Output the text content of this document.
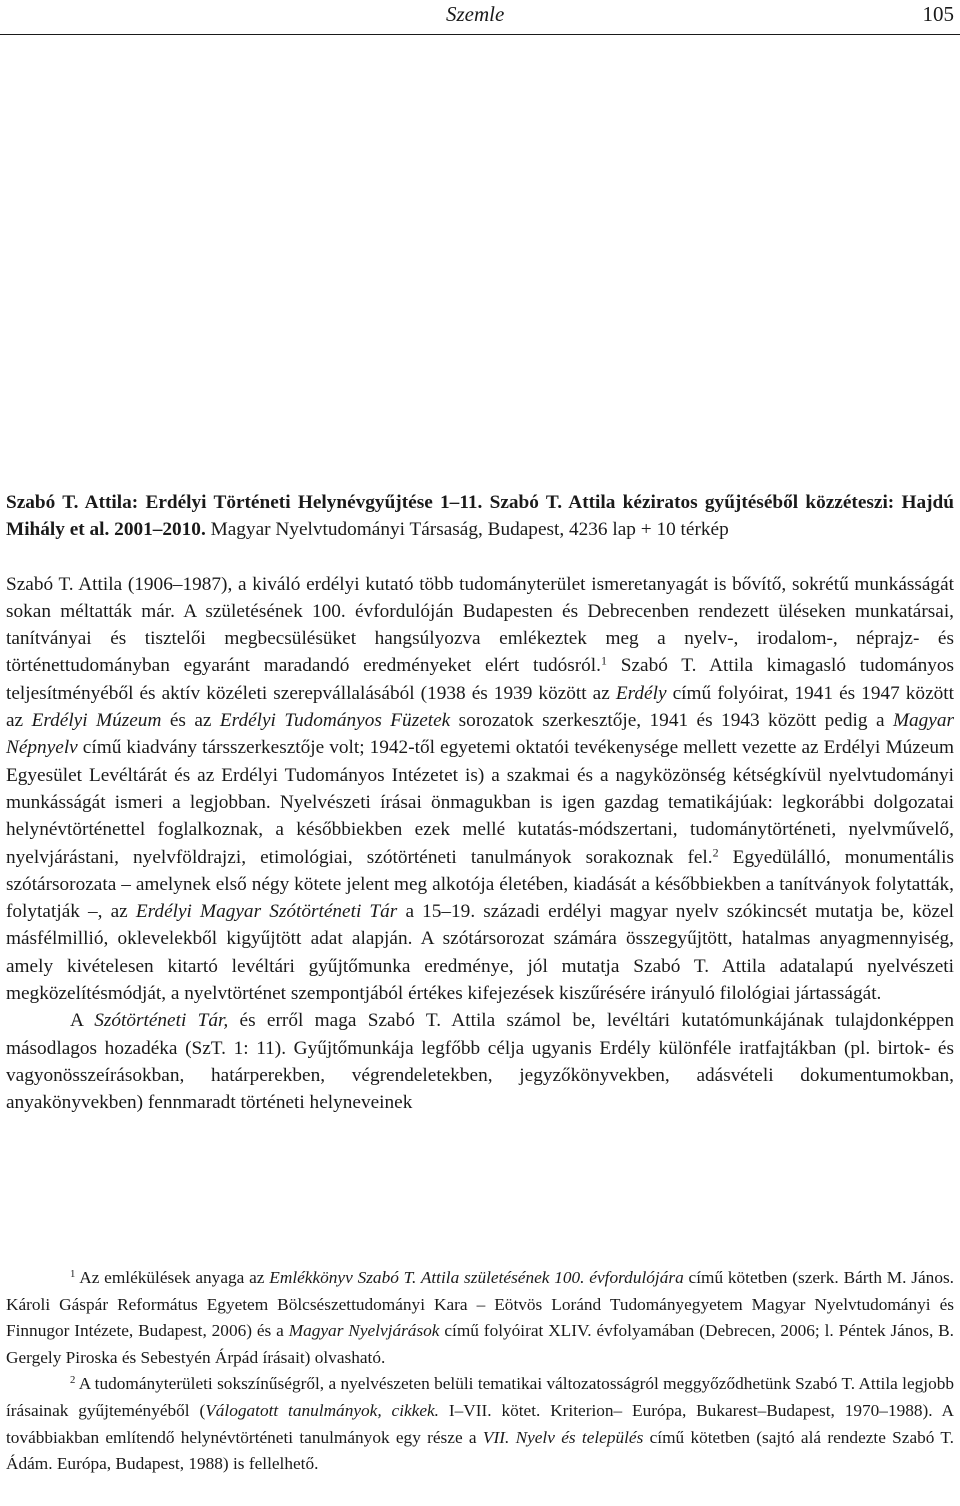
Szemle	105

Szabó T. Attila: Erdélyi Történeti Helynévgyűjtése 1–11. Szabó T. Attila kéziratos gyűjtéséből közzéteszi: Hajdú Mihály et al. 2001–2010. Magyar Nyelvtudományi Társaság, Budapest, 4236 lap + 10 térkép

Szabó T. Attila (1906–1987), a kiváló erdélyi kutató több tudományterület ismeretanyagát is bővítő, sokrétű munkásságát sokan méltatták már. A születésének 100. évfordulóján Budapesten és Debrecenben rendezett üléseken munkatársai, tanítványai és tisztelői megbecsülésüket hangsúlyozva emlékeztek meg a nyelv-, irodalom-, néprajz- és történettudományban egyaránt maradandó eredményeket elért tudósról.$^1$ Szabó T. Attila kimagasló tudományos teljesítményéből és aktív közéleti szerepvállalásából (1938 és 1939 között az Erdély című folyóirat, 1941 és 1947 között az Erdélyi Múzeum és az Erdélyi Tudományos Füzetek sorozatok szerkesztője, 1941 és 1943 között pedig a Magyar Népnyelv című kiadvány társszerkesztője volt; 1942-től egyetemi oktatói tevékenysége mellett vezette az Erdélyi Múzeum Egyesület Levéltárát és az Erdélyi Tudományos Intézetet is) a szakmai és a nagyközönség kétségkívül nyelvtudományi munkásságát ismeri a legjobban. Nyelvészeti írásai önmagukban is igen gazdag tematikájúak: legkorábbi dolgozatai helynévtörténettel foglalkoznak, a későbbiekben ezek mellé kutatás-módszertani, tudománytörténeti, nyelvművelő, nyelvjárástani, nyelvföldrajzi, etimológiai, szótörténeti tanulmányok sorakoznak fel.$^2$ Egyedülálló, monumentális szótársorozata – amelynek első négy kötete jelent meg alkotója életében, kiadását a későbbiekben a tanítványok folytatták, folytatják –, az Erdélyi Magyar Szótörténeti Tár a 15–19. századi erdélyi magyar nyelv szókincsét mutatja be, közel másfélmillió, oklevelekből kigyűjtött adat alapján. A szótársorozat számára összegyűjtött, hatalmas anyagmennyiség, amely kivételesen kitartó levéltári gyűjtőmunka eredménye, jól mutatja Szabó T. Attila adatalapú nyelvészeti megközelítésmódját, a nyelvtörténet szempontjából értékes kifejezések kiszűrésére irányuló filológiai jártasságát.

A Szótörténeti Tár, és erről maga Szabó T. Attila számol be, levéltári kutatómunkájának tulajdonképpen másodlagos hozadéka (SzT. 1: 11). Gyűjtőmunkája legfőbb célja ugyanis Erdély különféle iratfajtákban (pl. birtok- és vagyonösszeírásokban, határperekben, végrendeletekben, jegyzőkönyvekben, adásvételi dokumentumokban, anyakönyvekben) fennmaradt történeti helyneveinek

$^1$ Az emlékülések anyaga az Emlékkönyv Szabó T. Attila születésének 100. évfordulójára című kötetben (szerk. Bárth M. János. Károli Gáspár Református Egyetem Bölcsészettudományi Kara – Eötvös Loránd Tudományegyetem Magyar Nyelvtudományi és Finnugor Intézete, Budapest, 2006) és a Magyar Nyelvjárások című folyóirat XLIV. évfolyamában (Debrecen, 2006; l. Péntek János, B. Gergely Piroska és Sebestyén Árpád írásait) olvasható.

$^2$ A tudományterületi sokszínűségről, a nyelvészeten belüli tematikai változatosságról meggyőződhetünk Szabó T. Attila legjobb írásainak gyűjteményéből (Válogatott tanulmányok, cikkek. I–VII. kötet. Kriterion– Európa, Bukarest–Budapest, 1970–1988). A továbbiakban említendő helynévtörténeti tanulmányok egy része a VII. Nyelv és település című kötetben (sajtó alá rendezte Szabó T. Ádám. Európa, Budapest, 1988) is fellelhető.
